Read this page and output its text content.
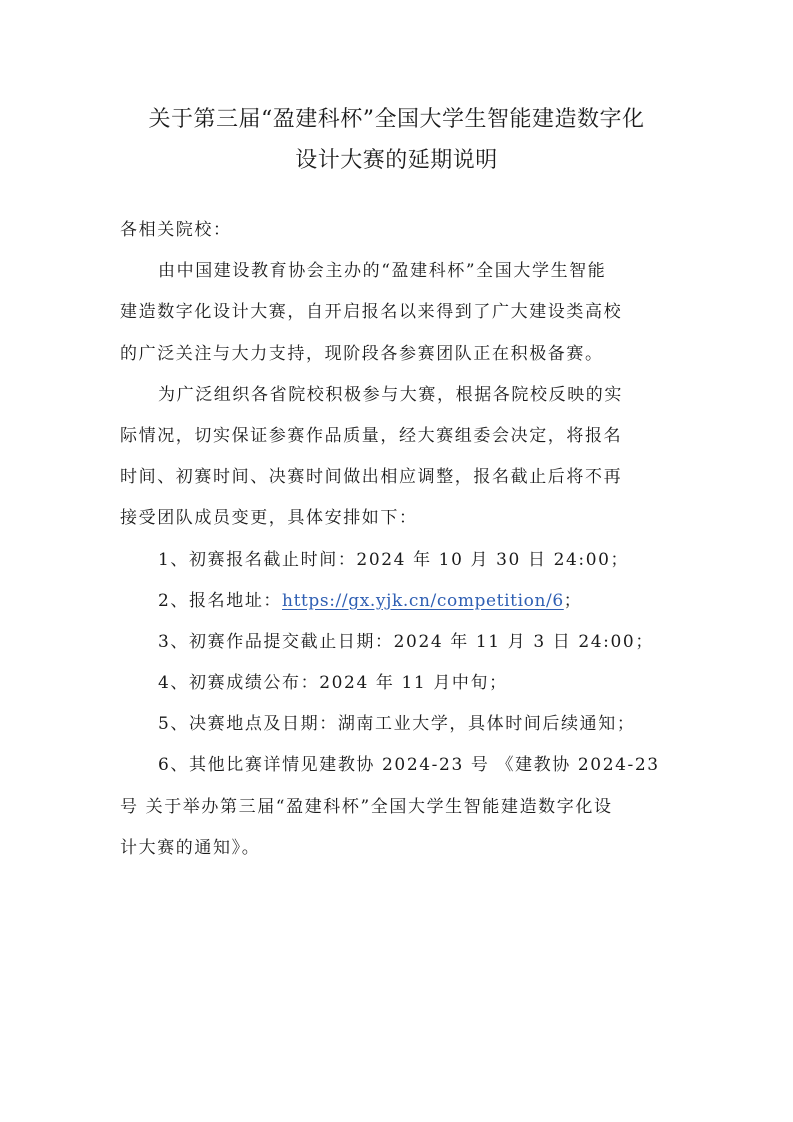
关于第三届“盈建科杯”全国大学生智能建造数字化
设计大赛的延期说明
各相关院校：
由中国建设教育协会主办的“盈建科杯”全国大学生智能
建造数字化设计大赛，自开启报名以来得到了广大建设类高校
的广泛关注与大力支持，现阶段各参赛团队正在积极备赛。
为广泛组织各省院校积极参与大赛，根据各院校反映的实
际情况，切实保证参赛作品质量，经大赛组委会决定，将报名
时间、初赛时间、决赛时间做出相应调整，报名截止后将不再
接受团队成员变更，具体安排如下：
1、初赛报名截止时间：2024 年 10 月 30 日 24:00；
2、报名地址：https://gx.yjk.cn/competition/6；
3、初赛作品提交截止日期：2024 年 11 月 3 日 24:00；
4、初赛成绩公布：2024 年 11 月中旬；
5、决赛地点及日期：湖南工业大学，具体时间后续通知；
6、其他比赛详情见建教协 2024-23 号 《建教协 2024-23
号 关于举办第三届“盈建科杯”全国大学生智能建造数字化设
计大赛的通知》。
